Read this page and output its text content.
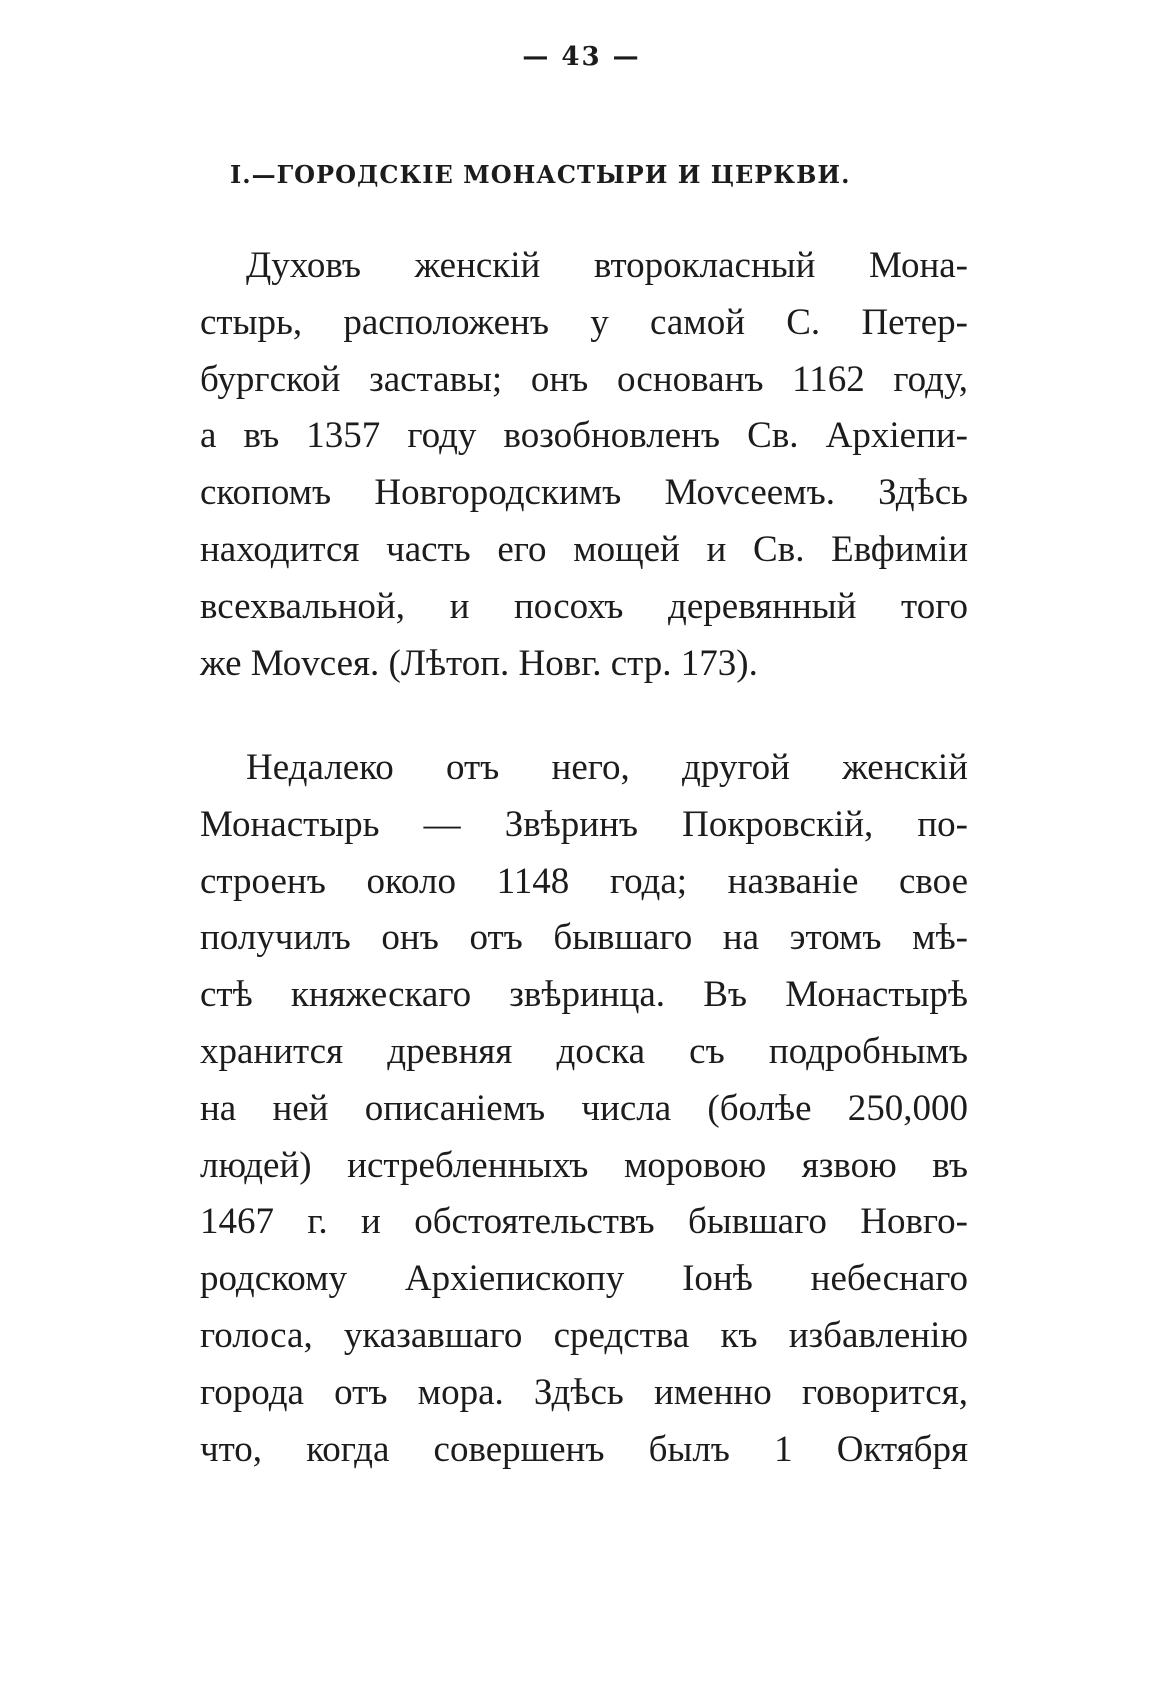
— 43 —
I.—ГОРОДСКIЕ МОНАСТЫРИ И ЦЕРКВИ.
Духовъ женскiй второкласный Мона-
стырь, расположенъ у самой С. Петер-
бургской заставы; онъ основанъ 1162 году,
а въ 1357 году возобновленъ Св. Архiепи-
скопомъ Новгородскимъ Моvсеемъ. Здѣсь
находится часть его мощей и Св. Евфимiи
всехвальной, и посохъ деревянный того
же Моvсея. (Лѣтоп. Новг. стр. 173).
Недалеко отъ него, другой женскiй
Монастырь — Звѣринъ Покровскiй, по-
строенъ около 1148 года; названiе свое
получилъ онъ отъ бывшаго на этомъ мѣ-
стѣ княжескаго звѣринца. Въ Монастырѣ
хранится древняя доска съ подробнымъ
на ней описанiемъ числа (болѣе 250,000
людей) истребленныхъ моровою язвою въ
1467 г. и обстоятельствъ бывшаго Новго-
родскому Архiепископу Iонѣ небеснаго
голоса, указавшаго средства къ избавленiю
города отъ мора. Здѣсь именно говорится,
что, когда совершенъ былъ 1 Октября
